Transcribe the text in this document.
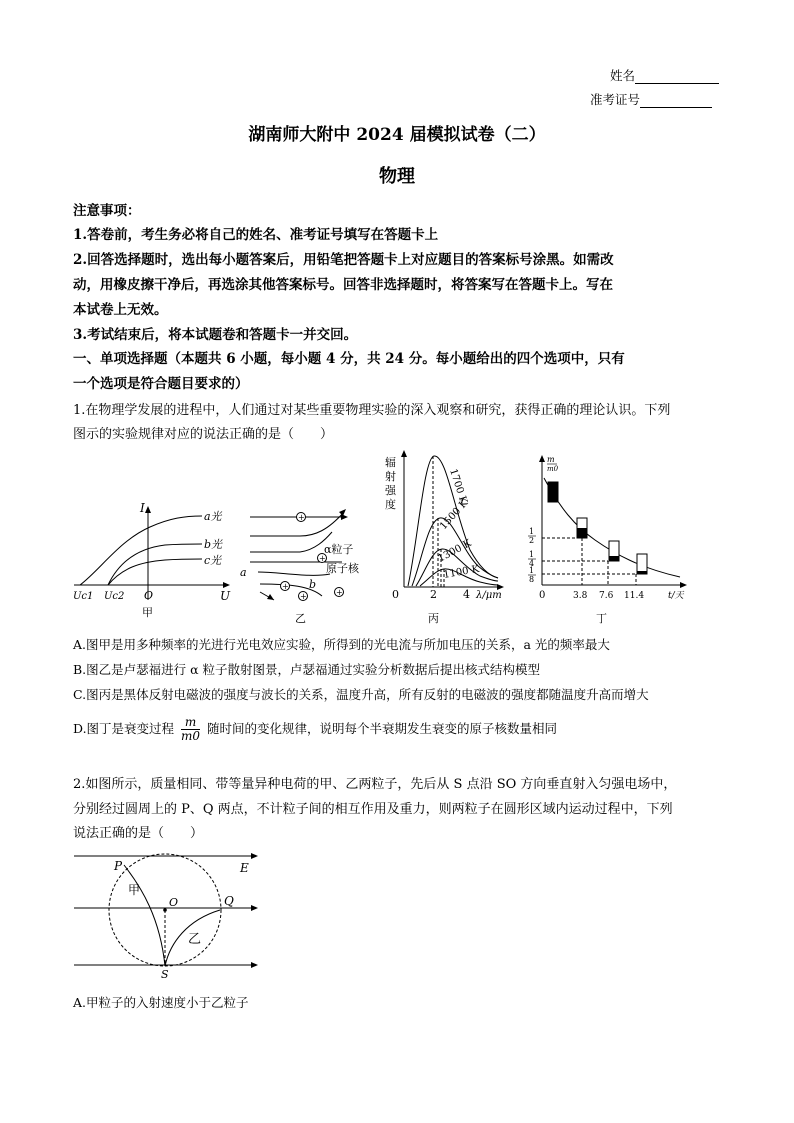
姓名
准考证号
湖南师大附中 2024 届模拟试卷（二）
物理
注意事项：
1.答卷前，考生务必将自己的姓名、准考证号填写在答题卡上
2.回答选择题时，选出每小题答案后，用铅笔把答题卡上对应题目的答案标号涂黑。如需改
动，用橡皮擦干净后，再选涂其他答案标号。回答非选择题时，将答案写在答题卡上。写在
本试卷上无效。
3.考试结束后，将本试题卷和答题卡一并交回。
一、单项选择题（本题共 6 小题，每小题 4 分，共 24 分。每小题给出的四个选项中，只有
一个选项是符合题目要求的）
1.在物理学发展的进程中，人们通过对某些重要物理实验的深入观察和研究，获得正确的理论认识。下列
图示的实验规律对应的说法正确的是（　　）
I
U
O
Uc1 Uc2
a光
b光
c光
甲
+
+
a
+
+	+
b
α粒子
原子核
乙
辐
射
强
度	1700 K
1500 K
1300 K
1100 K
0	2 4 λ/μm
丙
m
m0
1
2
1
4
1
8
0	3.8 7.6 11.4	t/天
丁
A.图甲是用多种频率的光进行光电效应实验，所得到的光电流与所加电压的关系，a 光的频率最大
B.图乙是卢瑟福进行 α 粒子散射图景，卢瑟福通过实验分析数据后提出核式结构模型
C.图丙是黑体反射电磁波的强度与波长的关系，温度升高，所有反射的电磁波的强度都随温度升高而增大
D.图丁是衰变过程 $\frac{m}{m0}$ 随时间的变化规律，说明每个半衰期发生衰变的原子核数量相同
2.如图所示，质量相同、带等量异种电荷的甲、乙两粒子，先后从 S 点沿 SO 方向垂直射入匀强电场中，
分别经过圆周上的 P、Q 两点，不计粒子间的相互作用及重力，则两粒子在圆形区域内运动过程中，下列
说法正确的是（　　）
E
P
Q
O
S
甲
乙
A.甲粒子的入射速度小于乙粒子
